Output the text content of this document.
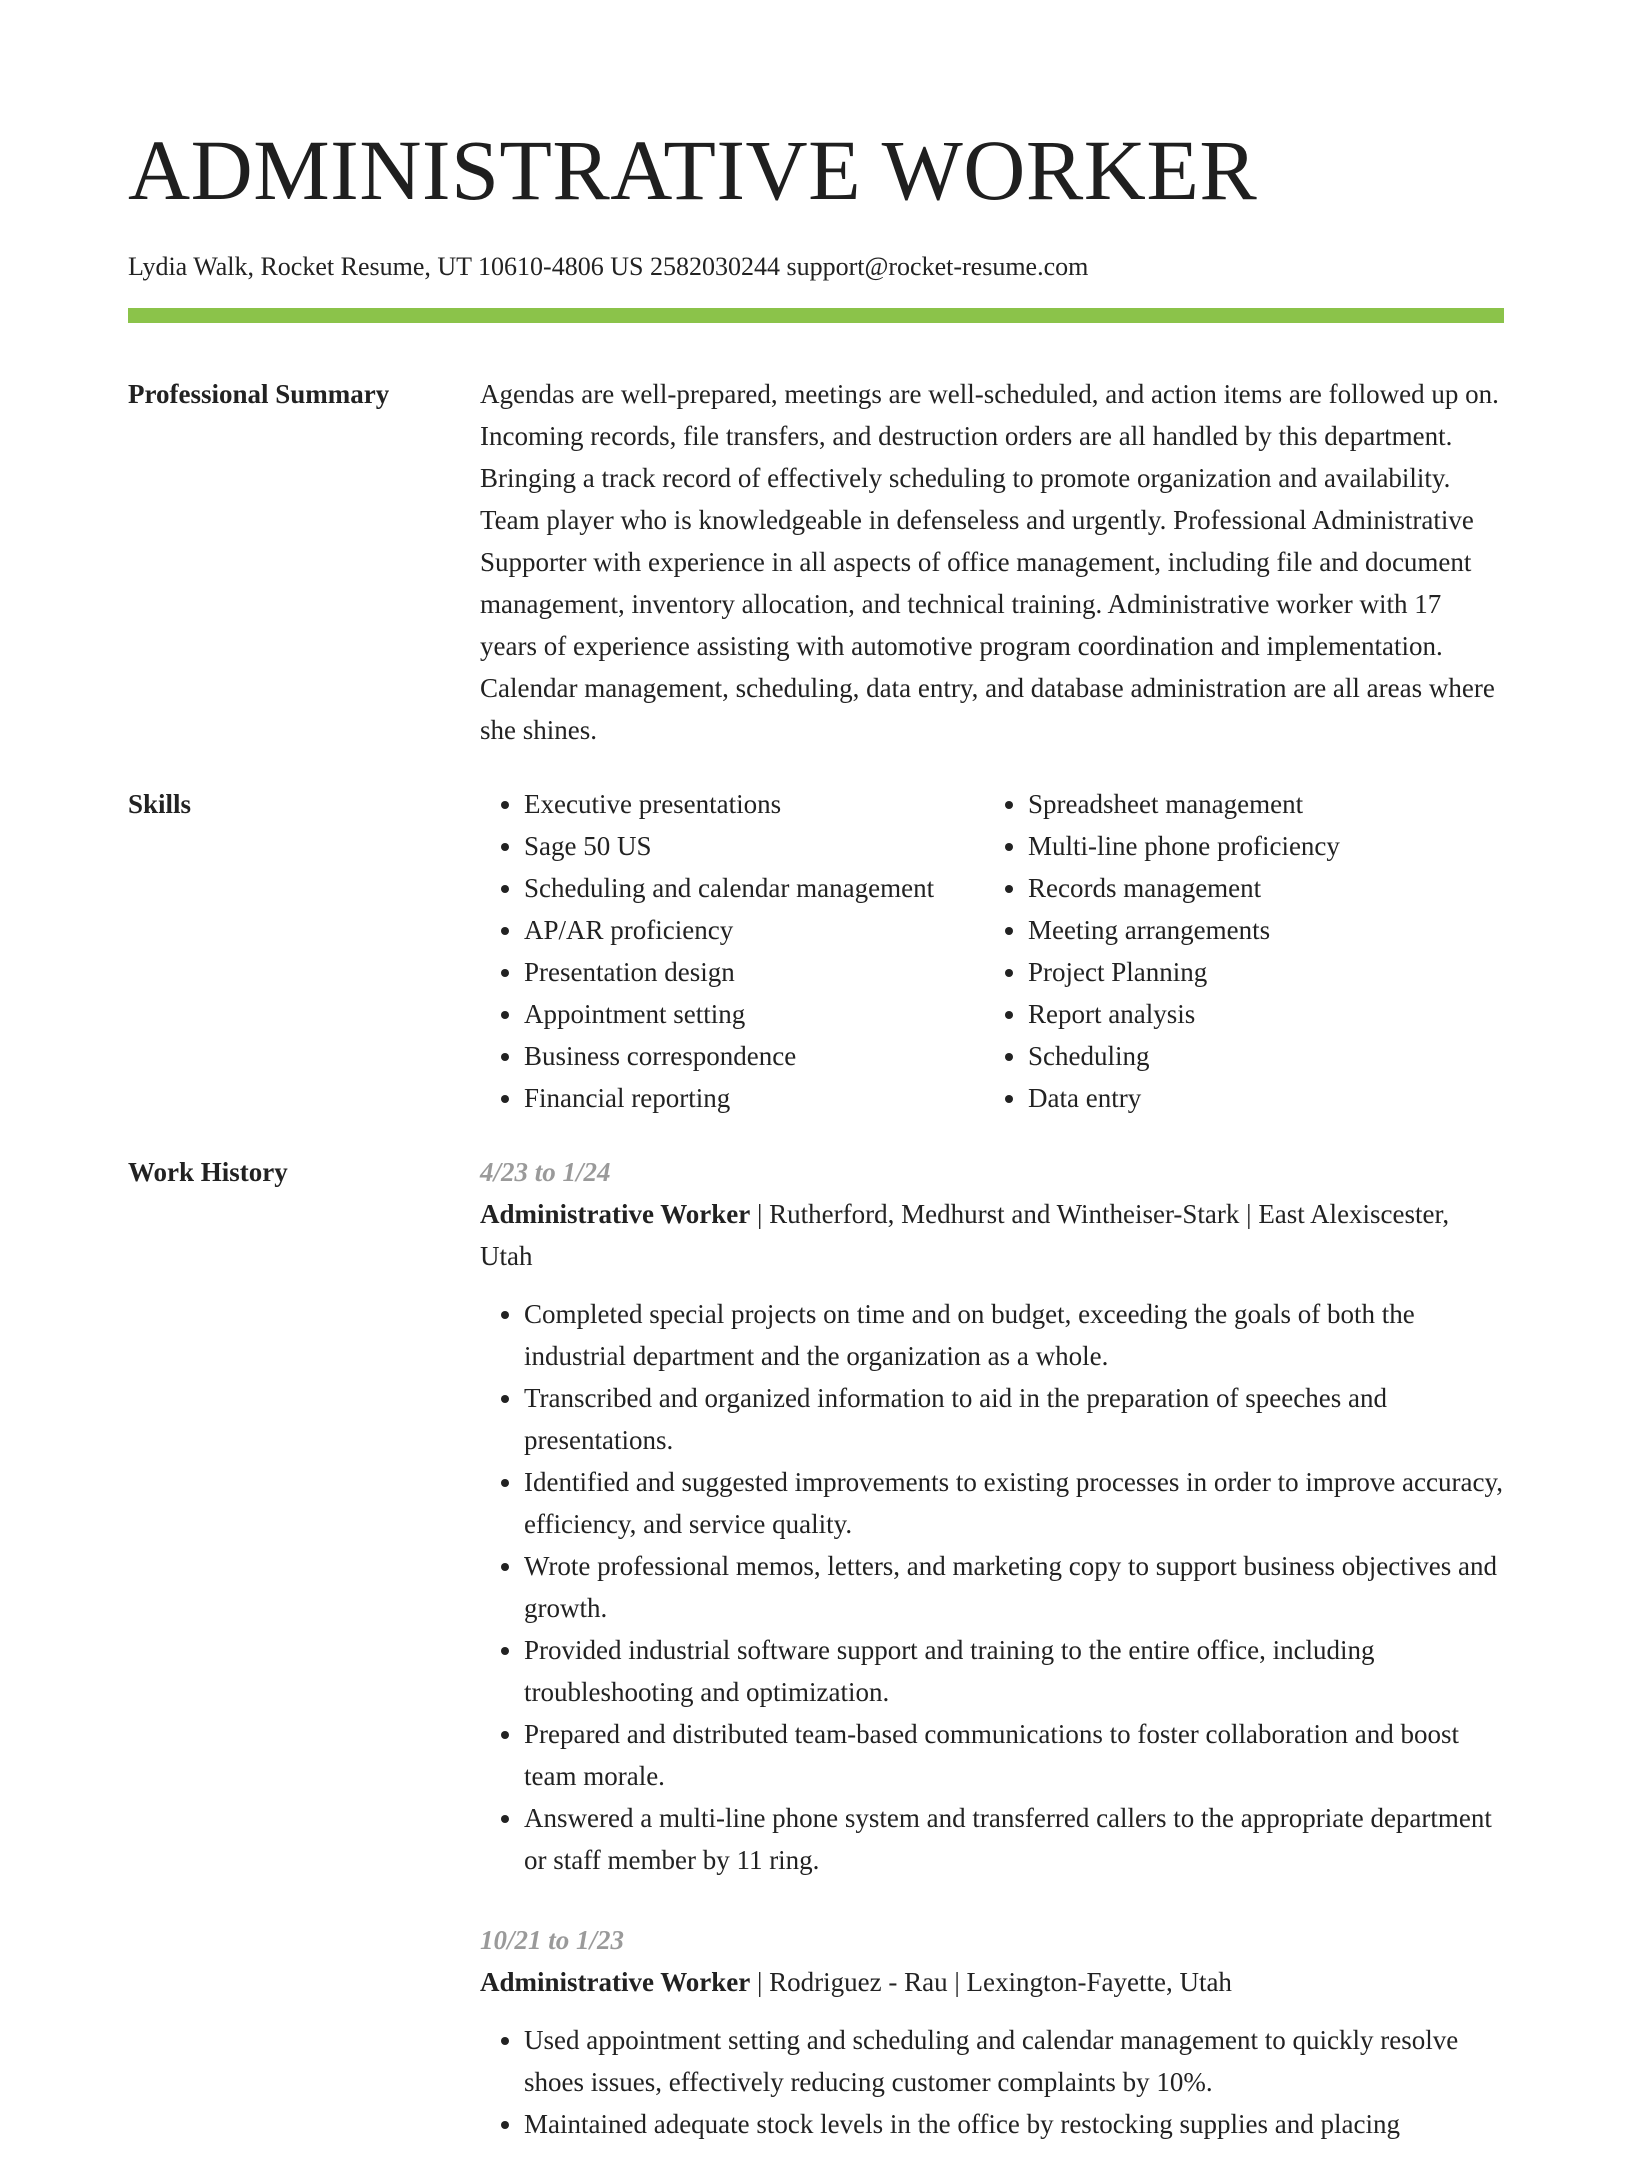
ADMINISTRATIVE WORKER
Lydia Walk, Rocket Resume, UT 10610-4806 US 2582030244 support@rocket-resume.com
Professional Summary	Agendas are well-prepared, meetings are well-scheduled, and action items are followed up on. Incoming records, file transfers, and destruction orders are all handled by this department. Bringing a track record of effectively scheduling to promote organization and availability. Team player who is knowledgeable in defenseless and urgently. Professional Administrative Supporter with experience in all aspects of office management, including file and document management, inventory allocation, and technical training. Administrative worker with 17 years of experience assisting with automotive program coordination and implementation. Calendar management, scheduling, data entry, and database administration are all areas where she shines.

Skills
•	Executive presentations
• Sage 50 US
• Scheduling and calendar management
• AP/AR proficiency
• Presentation design
• Appointment setting
• Business correspondence
• Financial reporting
• Spreadsheet management
• Multi-line phone proficiency
• Records management
• Meeting arrangements
• Project Planning
• Report analysis
• Scheduling
• Data entry
Work History	4/23 to 1/24
Administrative Worker | Rutherford, Medhurst and Wintheiser-Stark | East Alexiscester, Utah
• Completed special projects on time and on budget, exceeding the goals of both the industrial department and the organization as a whole.
• Transcribed and organized information to aid in the preparation of speeches and presentations.
• Identified and suggested improvements to existing processes in order to improve accuracy, efficiency, and service quality.
• Wrote professional memos, letters, and marketing copy to support business objectives and growth.
• Provided industrial software support and training to the entire office, including troubleshooting and optimization.
• Prepared and distributed team-based communications to foster collaboration and boost team morale.
• Answered a multi-line phone system and transferred callers to the appropriate department or staff member by 11 ring.
10/21 to 1/23
Administrative Worker | Rodriguez - Rau | Lexington-Fayette, Utah
• Used appointment setting and scheduling and calendar management to quickly resolve shoes issues, effectively reducing customer complaints by 10%.
• Maintained adequate stock levels in the office by restocking supplies and placing
